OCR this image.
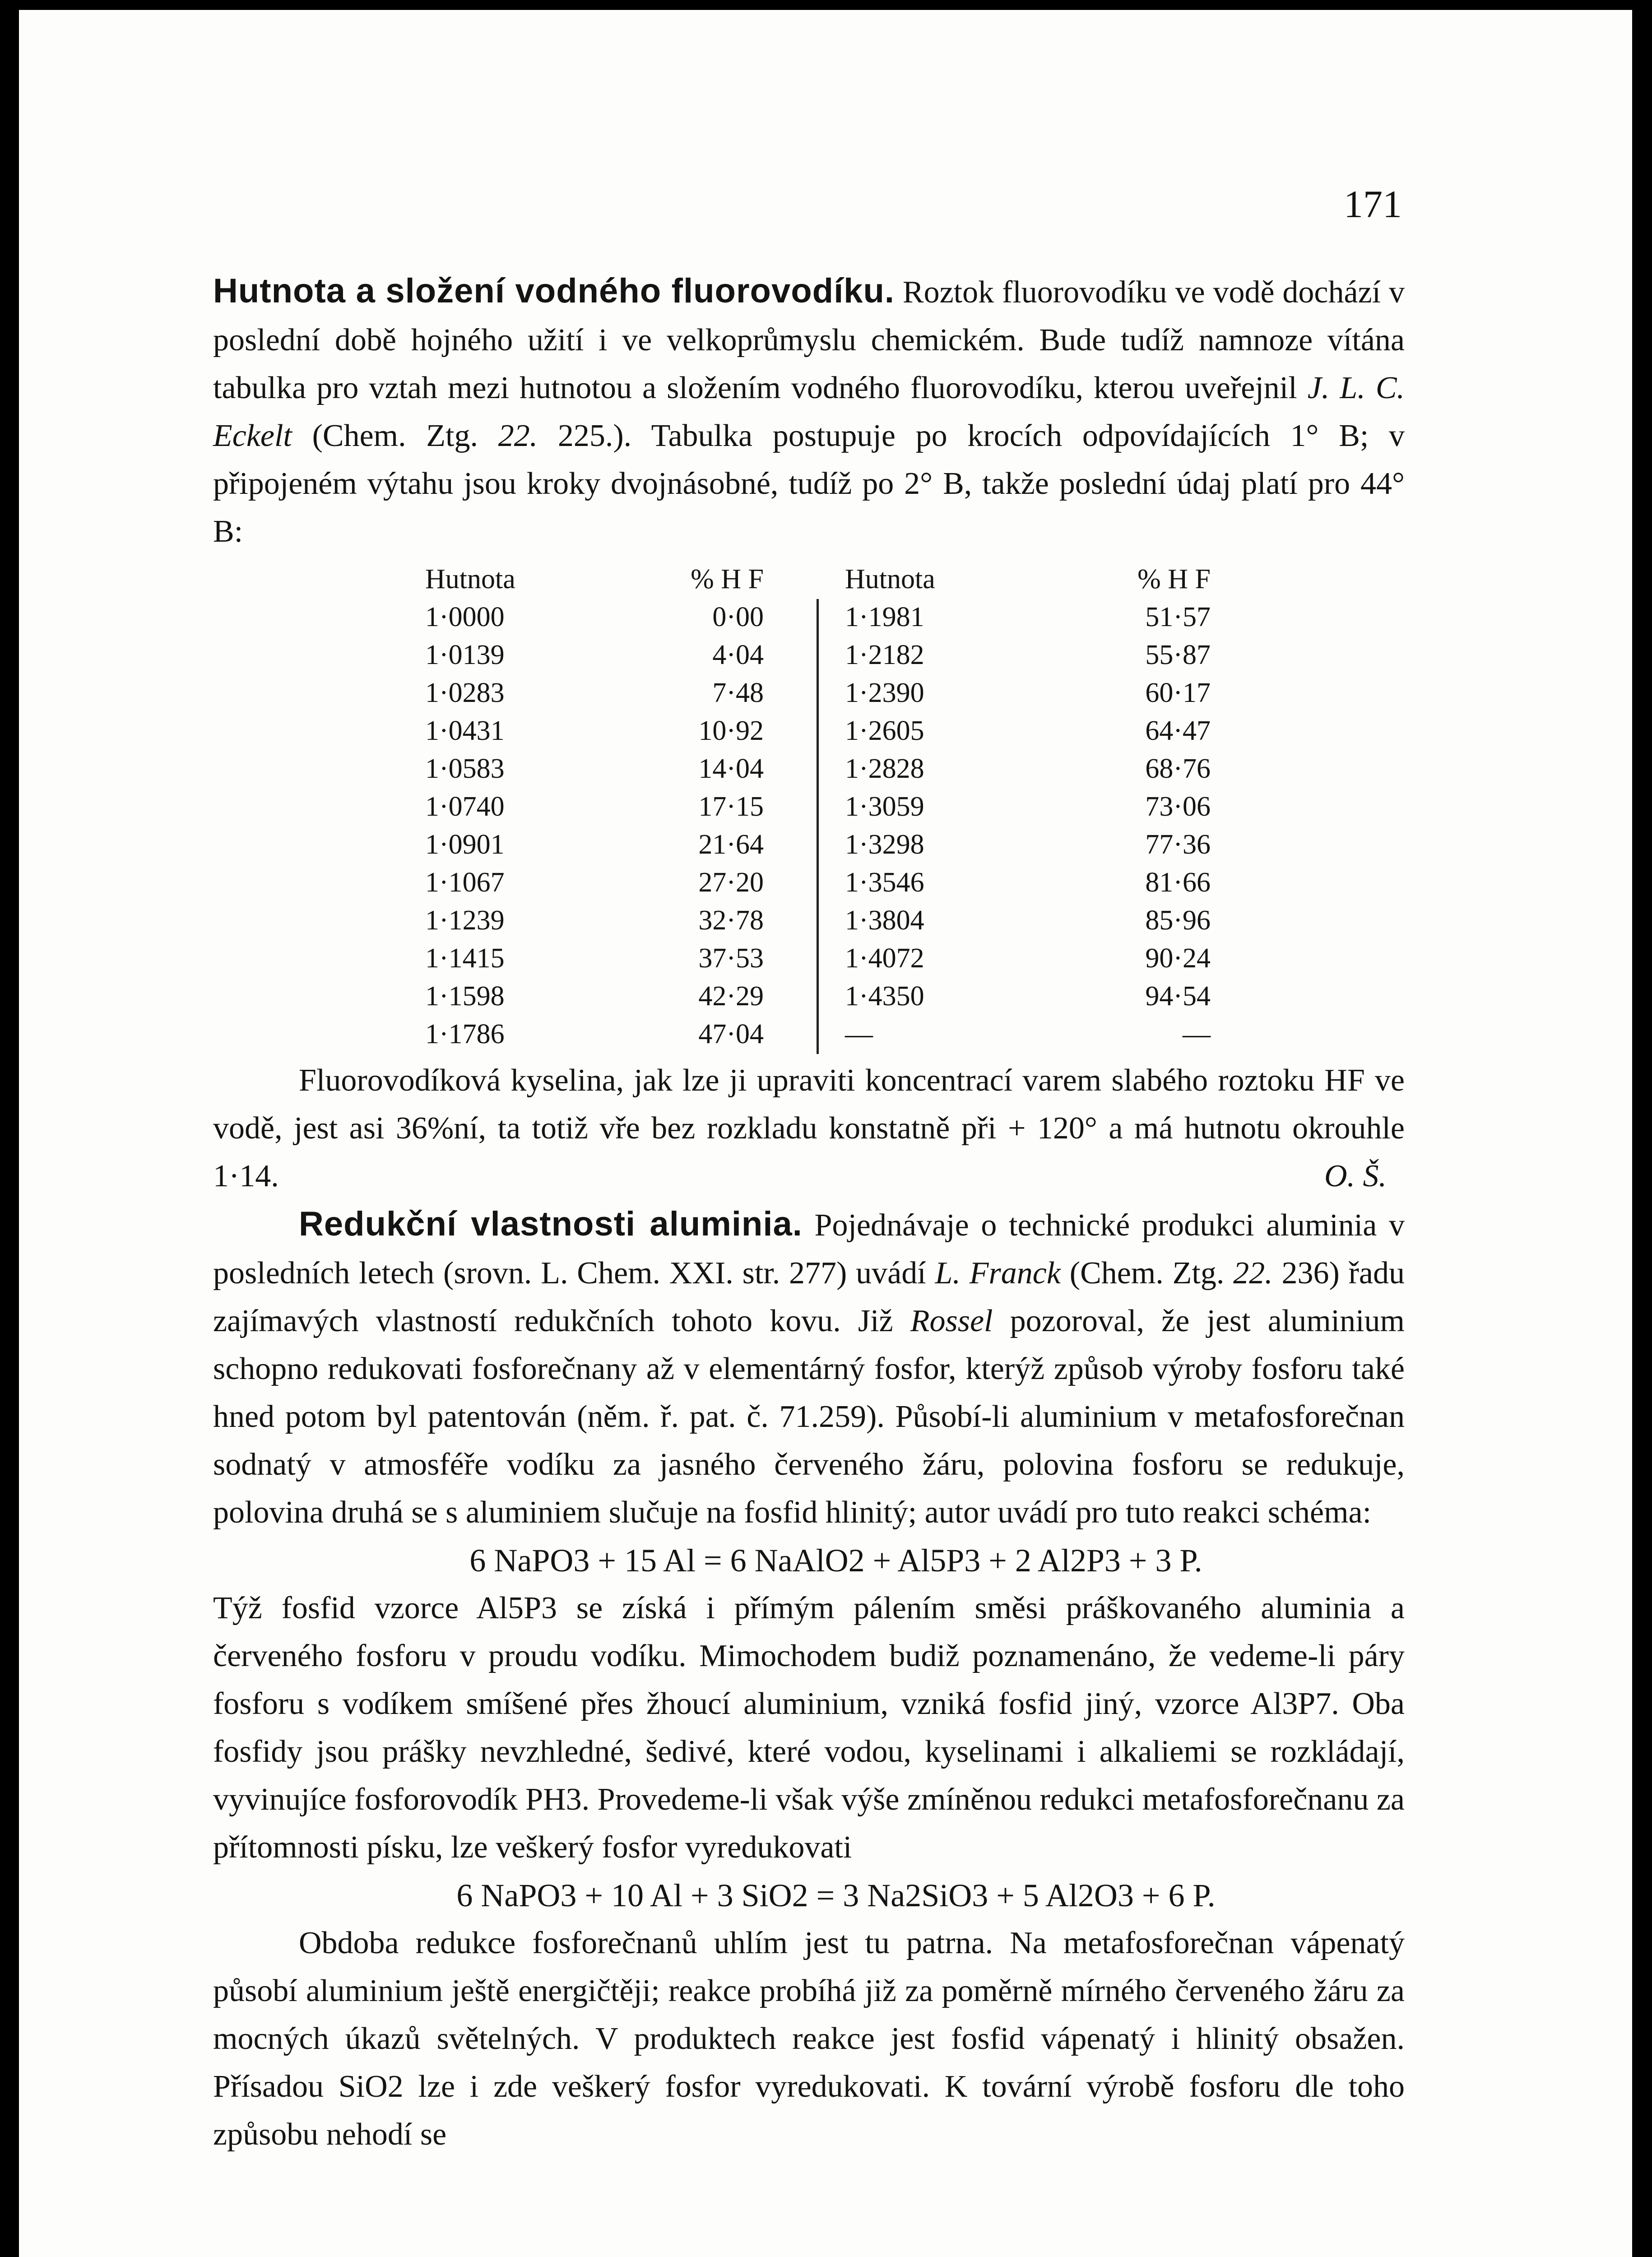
171

Hutnota a složení vodného fluorovodíku. Roztok fluorovodíku ve vodě dochází v poslední době hojného užití i ve velkoprůmyslu chemickém. Bude tudíž namnoze vítána tabulka pro vztah mezi hutnotou a složením vodného fluorovodíku, kterou uveřejnil J. L. C. Eckelt (Chem. Ztg. 22. 225.). Tabulka postupuje po krocích odpovídajících 1° B; v připojeném výtahu jsou kroky dvojnásobné, tudíž po 2° B, takže poslední údaj platí pro 44° B:

Hutnota
1·0000
1·0139
1·0283
1·0431
1·0583
1·0740
1·0901
1·1067
1·1239
1·1415
1·1598
1·1786
% H F
0·00
4·04
7·48
10·92
14·04
17·15
21·64
27·20
32·78
37·53
42·29
47·04
Hutnota
1·1981
1·2182
1·2390
1·2605
1·2828
1·3059
1·3298
1·3546
1·3804
1·4072
1·4350
—
% H F
51·57
55·87
60·17
64·47
68·76
73·06
77·36
81·66
85·96
90·24
94·54
—

Fluorovodíková kyselina, jak lze ji upraviti koncentrací varem slabého roztoku HF ve vodě, jest asi 36%ní, ta totiž vře bez rozkladu konstatně při + 120° a má hutnotu okrouhle 1·14.	O. Š.

Redukční vlastnosti aluminia. Pojednávaje o technické produkci aluminia v posledních letech (srovn. L. Chem. XXI. str. 277) uvádí L. Franck (Chem. Ztg. 22. 236) řadu zajímavých vlastností redukčních tohoto kovu. Již Rossel pozoroval, že jest aluminium schopno redukovati fosforečnany až v elementárný fosfor, kterýž způsob výroby fosforu také hned potom byl patentován (něm. ř. pat. č. 71.259). Působí-li aluminium v metafosforečnan sodnatý v atmosféře vodíku za jasného červeného žáru, polovina fosforu se redukuje, polovina druhá se s aluminiem slučuje na fosfid hlinitý; autor uvádí pro tuto reakci schéma:

6 NaPO3 + 15 Al = 6 NaAlO2 + Al5P3 + 2 Al2P3 + 3 P.

Týž fosfid vzorce Al5P3 se získá i přímým pálením směsi práškovaného aluminia a červeného fosforu v proudu vodíku. Mimochodem budiž poznamenáno, že vedeme-li páry fosforu s vodíkem smíšené přes žhoucí aluminium, vzniká fosfid jiný, vzorce Al3P7. Oba fosfidy jsou prášky nevzhledné, šedivé, které vodou, kyselinami i alkaliemi se rozkládají, vyvinujíce fosforovodík PH3. Provedeme-li však výše zmíněnou redukci metafosforečnanu za přítomnosti písku, lze veškerý fosfor vyredukovati

6 NaPO3 + 10 Al + 3 SiO2 = 3 Na2SiO3 + 5 Al2O3 + 6 P.

Obdoba redukce fosforečnanů uhlím jest tu patrna. Na metafosforečnan vápenatý působí aluminium ještě energičtěji; reakce probíhá již za poměrně mírného červeného žáru za mocných úkazů světelných. V produktech reakce jest fosfid vápenatý i hlinitý obsažen. Přísadou SiO2 lze i zde veškerý fosfor vyredukovati. K tovární výrobě fosforu dle toho způsobu nehodí se
